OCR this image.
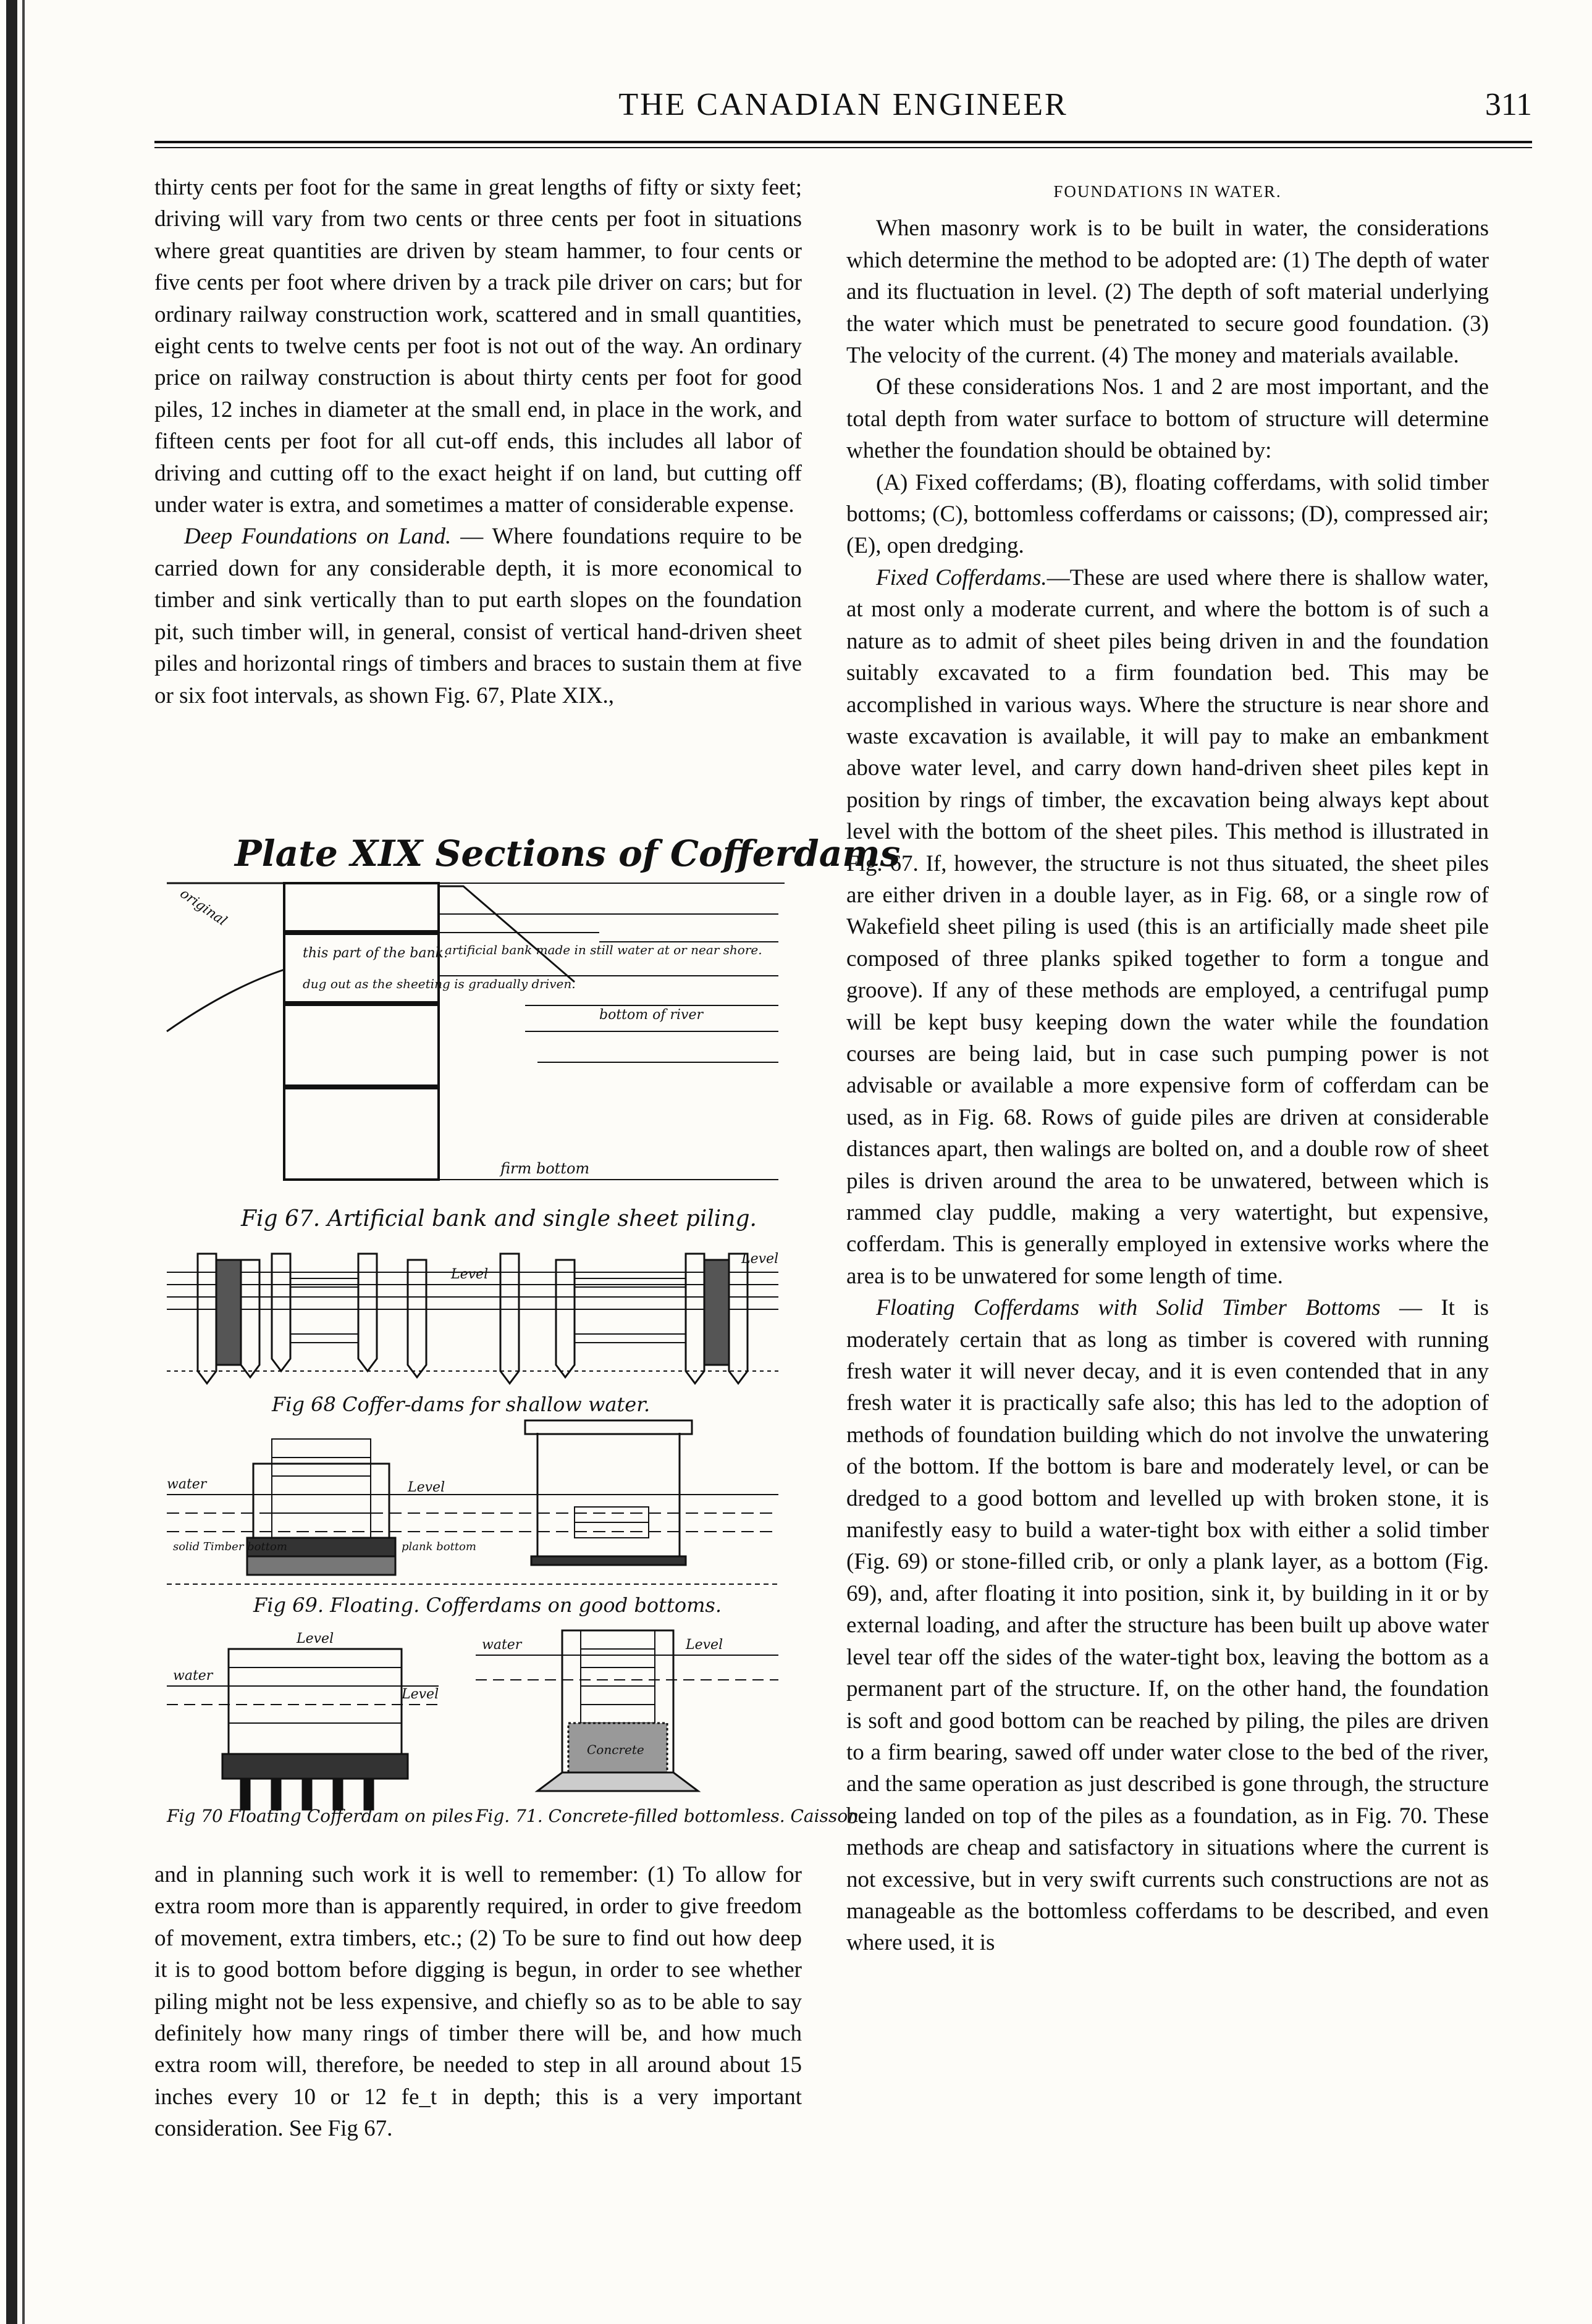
THE CANADIAN ENGINEER	311

thirty cents per foot for the same in great lengths of fifty or sixty feet; driving will vary from two cents or three cents per foot in situations where great quantities are driven by steam hammer, to four cents or five cents per foot where driven by a track pile driver on cars; but for ordinary railway construction work, scattered and in small quantities, eight cents to twelve cents per foot is not out of the way. An ordinary price on railway construction is about thirty cents per foot for good piles, 12 inches in diameter at the small end, in place in the work, and fifteen cents per foot for all cut-off ends, this includes all labor of driving and cutting off to the exact height if on land, but cutting off under water is extra, and sometimes a matter of considerable expense.

Deep Foundations on Land. — Where foundations require to be carried down for any considerable depth, it is more economical to timber and sink vertically than to put earth slopes on the foundation pit, such timber will, in general, consist of vertical hand-driven sheet piles and horizontal rings of timbers and braces to sustain them at five or six foot intervals, as shown Fig. 67, Plate XIX.,

Plate XIX Sections of Cofferdams
original
this part of the bank.
dug out as the sheeting is gradually driven.
artificial bank made in still water at or near shore.
bottom of river
firm bottom
Fig 67. Artificial bank and single sheet piling.
Level
Level
Fig 68 Coffer-dams for shallow water.
water	Level
solid Timber bottom	plank bottom
Fig 69. Floating. Cofferdams on good bottoms.
water
Level
Level
Fig 70 Floating Cofferdam on piles
water	Level
Concrete
Fig. 71. Concrete-filled bottomless. Caisson.

and in planning such work it is well to remember: (1) To allow for extra room more than is apparently required, in order to give freedom of movement, extra timbers, etc.; (2) To be sure to find out how deep it is to good bottom before digging is begun, in order to see whether piling might not be less expensive, and chiefly so as to be able to say definitely how many rings of timber there will be, and how much extra room will, therefore, be needed to step in all around about 15 inches every 10 or 12 fe_t in depth; this is a very important consideration. See Fig 67.

FOUNDATIONS IN WATER.

When masonry work is to be built in water, the considerations which determine the method to be adopted are: (1) The depth of water and its fluctuation in level. (2) The depth of soft material underlying the water which must be penetrated to secure good foundation. (3) The velocity of the current. (4) The money and materials available.

Of these considerations Nos. 1 and 2 are most important, and the total depth from water surface to bottom of structure will determine whether the foundation should be obtained by:

(A) Fixed cofferdams; (B), floating cofferdams, with solid timber bottoms; (C), bottomless cofferdams or caissons; (D), compressed air; (E), open dredging.

Fixed Cofferdams.—These are used where there is shallow water, at most only a moderate current, and where the bottom is of such a nature as to admit of sheet piles being driven in and the foundation suitably excavated to a firm foundation bed. This may be accomplished in various ways. Where the structure is near shore and waste excavation is available, it will pay to make an embankment above water level, and carry down hand-driven sheet piles kept in position by rings of timber, the excavation being always kept about level with the bottom of the sheet piles. This method is illustrated in Fig. 67. If, however, the structure is not thus situated, the sheet piles are either driven in a double layer, as in Fig. 68, or a single row of Wakefield sheet piling is used (this is an artificially made sheet pile composed of three planks spiked together to form a tongue and groove). If any of these methods are employed, a centrifugal pump will be kept busy keeping down the water while the foundation courses are being laid, but in case such pumping power is not advisable or available a more expensive form of cofferdam can be used, as in Fig. 68. Rows of guide piles are driven at considerable distances apart, then walings are bolted on, and a double row of sheet piles is driven around the area to be unwatered, between which is rammed clay puddle, making a very watertight, but expensive, cofferdam. This is generally employed in extensive works where the area is to be unwatered for some length of time.

Floating Cofferdams with Solid Timber Bottoms — It is moderately certain that as long as timber is covered with running fresh water it will never decay, and it is even contended that in any fresh water it is practically safe also; this has led to the adoption of methods of foundation building which do not involve the unwatering of the bottom. If the bottom is bare and moderately level, or can be dredged to a good bottom and levelled up with broken stone, it is manifestly easy to build a water-tight box with either a solid timber (Fig. 69) or stone-filled crib, or only a plank layer, as a bottom (Fig. 69), and, after floating it into position, sink it, by building in it or by external loading, and after the structure has been built up above water level tear off the sides of the water-tight box, leaving the bottom as a permanent part of the structure. If, on the other hand, the foundation is soft and good bottom can be reached by piling, the piles are driven to a firm bearing, sawed off under water close to the bed of the river, and the same operation as just described is gone through, the structure being landed on top of the piles as a foundation, as in Fig. 70. These methods are cheap and satisfactory in situations where the current is not excessive, but in very swift currents such constructions are not as manageable as the bottomless cofferdams to be described, and even where used, it is
